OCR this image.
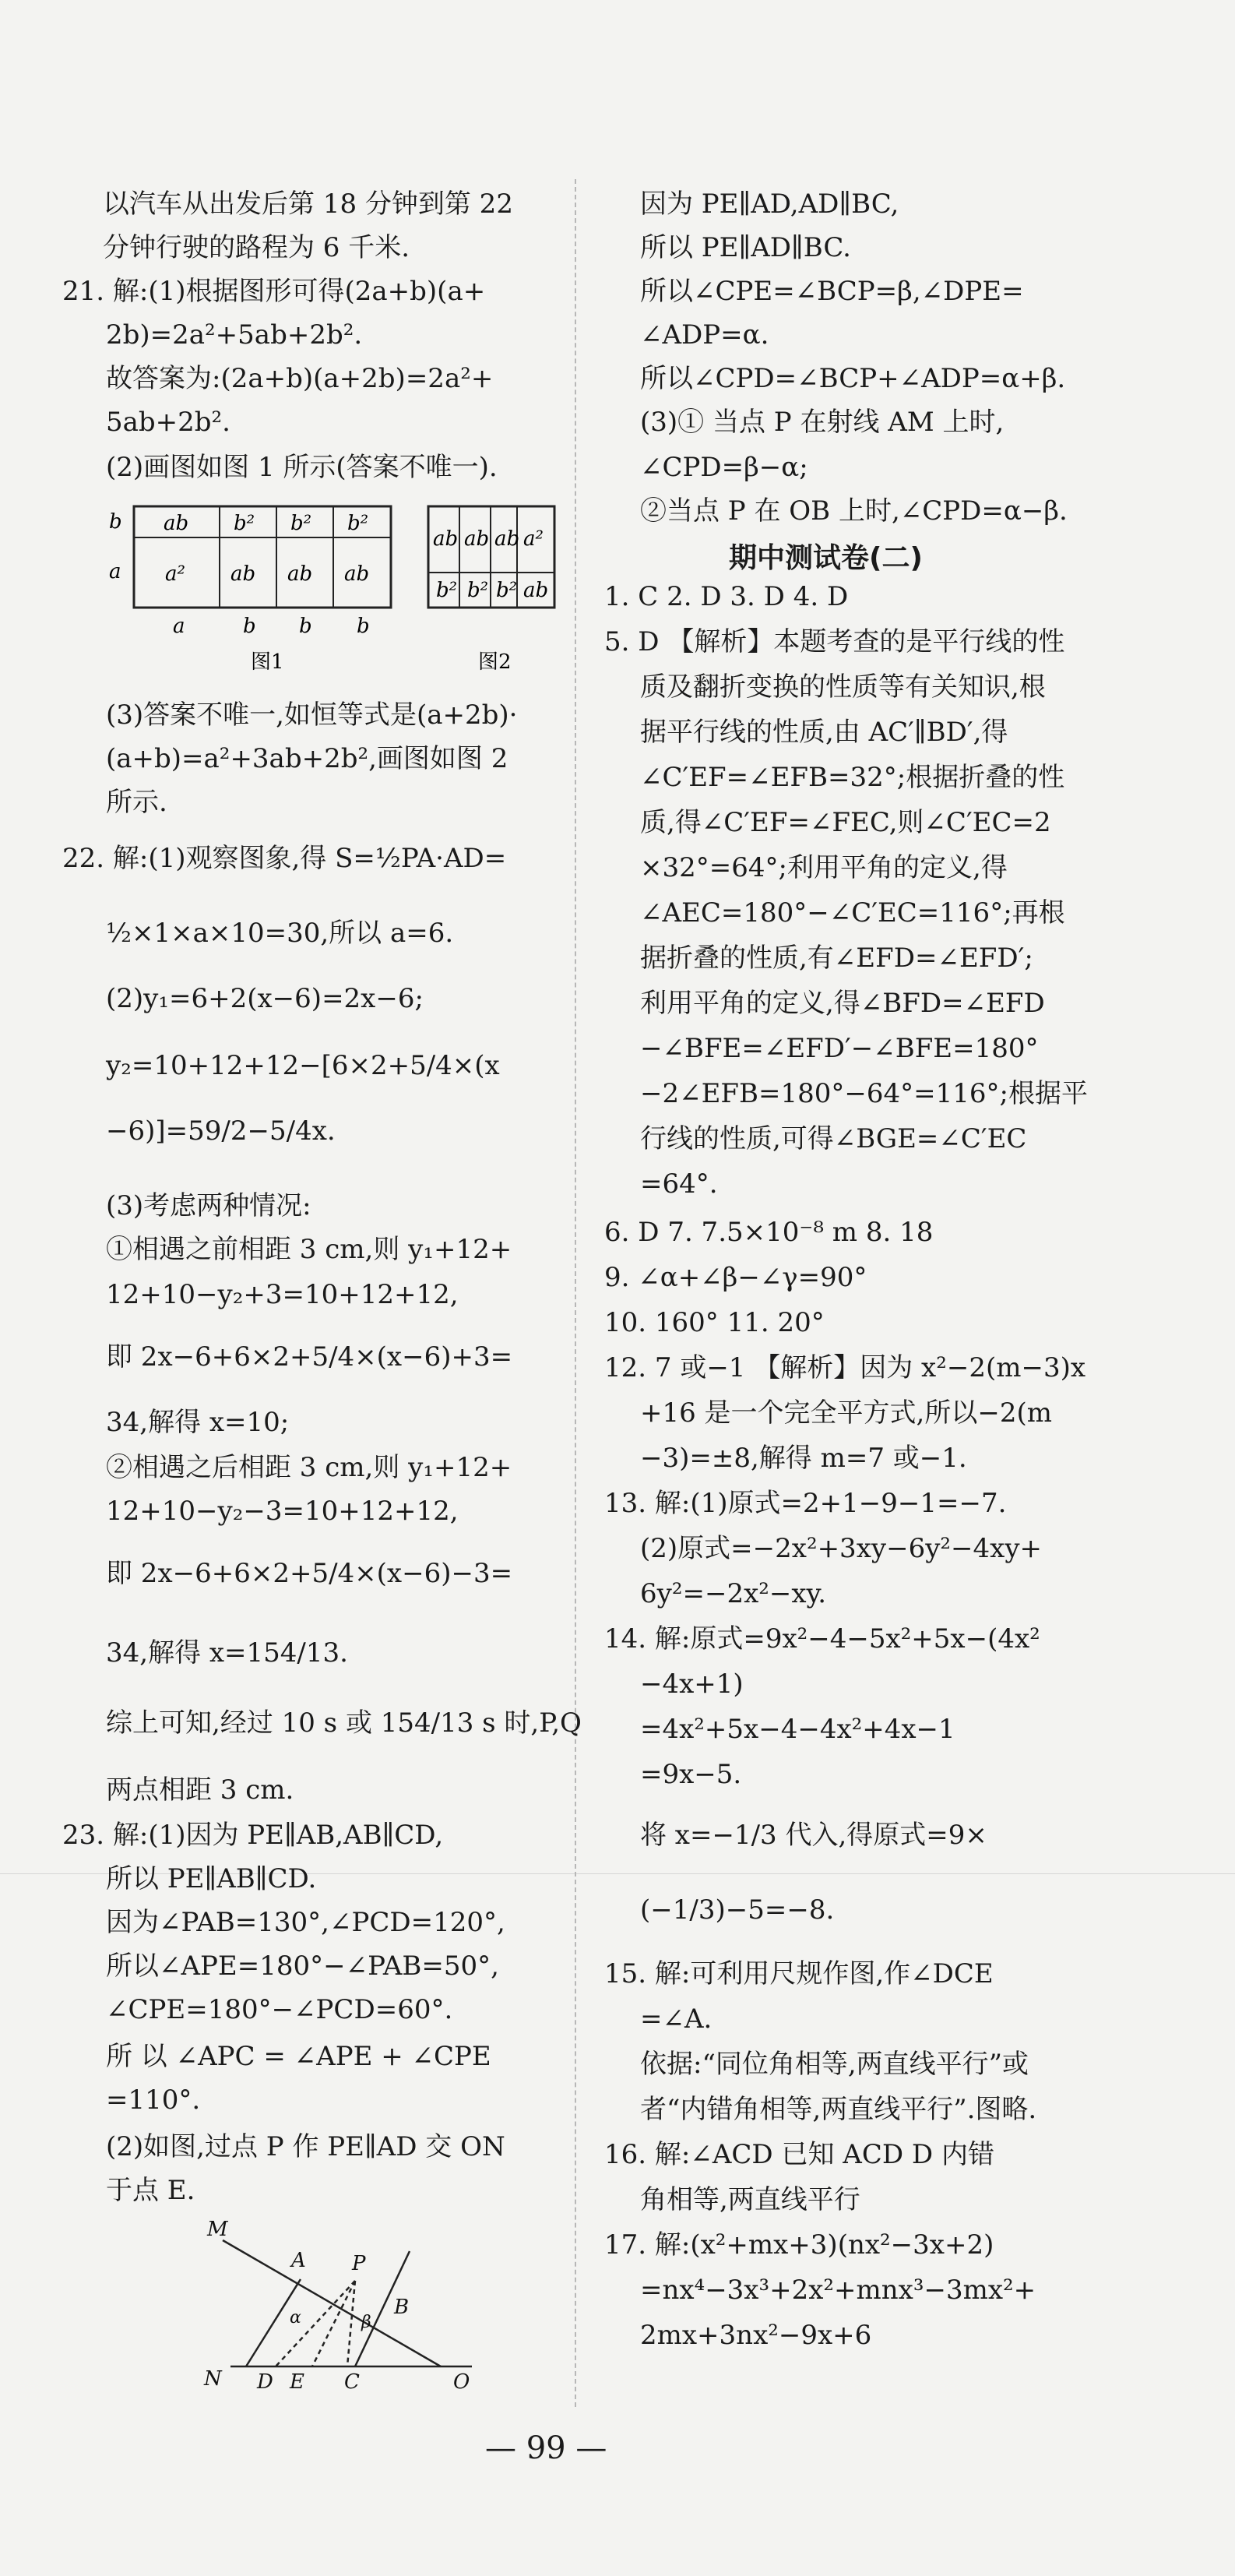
以汽车从出发后第 18 分钟到第 22
分钟行驶的路程为 6 千米.
21. 解:(1)根据图形可得(2a+b)(a+
2b)=2a²+5ab+2b².
故答案为:(2a+b)(a+2b)=2a²+
5ab+2b².
(2)画图如图 1 所示(答案不唯一).
b
a
ab b² b² b²
a² ab ab ab
a	b b b
图1
ab ab ab a²
b² b² b² ab
图2
(3)答案不唯一,如恒等式是(a+2b)·
(a+b)=a²+3ab+2b²,画图如图 2
所示.
22. 解:(1)观察图象,得 S=½PA·AD=
½×1×a×10=30,所以 a=6.
(2)y₁=6+2(x−6)=2x−6;
y₂=10+12+12−[6×2+5/4×(x
−6)]=59/2−5/4x.
(3)考虑两种情况:
①相遇之前相距 3 cm,则 y₁+12+
12+10−y₂+3=10+12+12,
即 2x−6+6×2+5/4×(x−6)+3=
34,解得 x=10;
②相遇之后相距 3 cm,则 y₁+12+
12+10−y₂−3=10+12+12,
即 2x−6+6×2+5/4×(x−6)−3=
34,解得 x=154/13.
综上可知,经过 10 s 或 154/13 s 时,P,Q
两点相距 3 cm.
23. 解:(1)因为 PE∥AB,AB∥CD,
所以 PE∥AB∥CD.
因为∠PAB=130°,∠PCD=120°,
所以∠APE=180°−∠PAB=50°,
∠CPE=180°−∠PCD=60°.
所 以 ∠APC = ∠APE + ∠CPE
=110°.
(2)如图,过点 P 作 PE∥AD 交 ON
于点 E.
M
A P
B
N D E C	O
α	β
因为 PE∥AD,AD∥BC,
所以 PE∥AD∥BC.
所以∠CPE=∠BCP=β,∠DPE=
∠ADP=α.
所以∠CPD=∠BCP+∠ADP=α+β.
(3)① 当点 P 在射线 AM 上时,
∠CPD=β−α;
②当点 P 在 OB 上时,∠CPD=α−β.
期中测试卷(二)
1. C 2. D 3. D 4. D
5. D 【解析】本题考查的是平行线的性
质及翻折变换的性质等有关知识,根
据平行线的性质,由 AC′∥BD′,得
∠C′EF=∠EFB=32°;根据折叠的性
质,得∠C′EF=∠FEC,则∠C′EC=2
×32°=64°;利用平角的定义,得
∠AEC=180°−∠C′EC=116°;再根
据折叠的性质,有∠EFD=∠EFD′;
利用平角的定义,得∠BFD=∠EFD
−∠BFE=∠EFD′−∠BFE=180°
−2∠EFB=180°−64°=116°;根据平
行线的性质,可得∠BGE=∠C′EC
=64°.
6. D 7. 7.5×10⁻⁸ m 8. 18
9. ∠α+∠β−∠γ=90°
10. 160° 11. 20°
12. 7 或−1 【解析】因为 x²−2(m−3)x
+16 是一个完全平方式,所以−2(m
−3)=±8,解得 m=7 或−1.
13. 解:(1)原式=2+1−9−1=−7.
(2)原式=−2x²+3xy−6y²−4xy+
6y²=−2x²−xy.
14. 解:原式=9x²−4−5x²+5x−(4x²
−4x+1)
=4x²+5x−4−4x²+4x−1
=9x−5.
将 x=−1/3 代入,得原式=9×
(−1/3)−5=−8.
15. 解:可利用尺规作图,作∠DCE
=∠A.
依据:“同位角相等,两直线平行”或
者“内错角相等,两直线平行”.图略.
16. 解:∠ACD 已知 ACD D 内错
角相等,两直线平行
17. 解:(x²+mx+3)(nx²−3x+2)
=nx⁴−3x³+2x²+mnx³−3mx²+
2mx+3nx²−9x+6
— 99 —
